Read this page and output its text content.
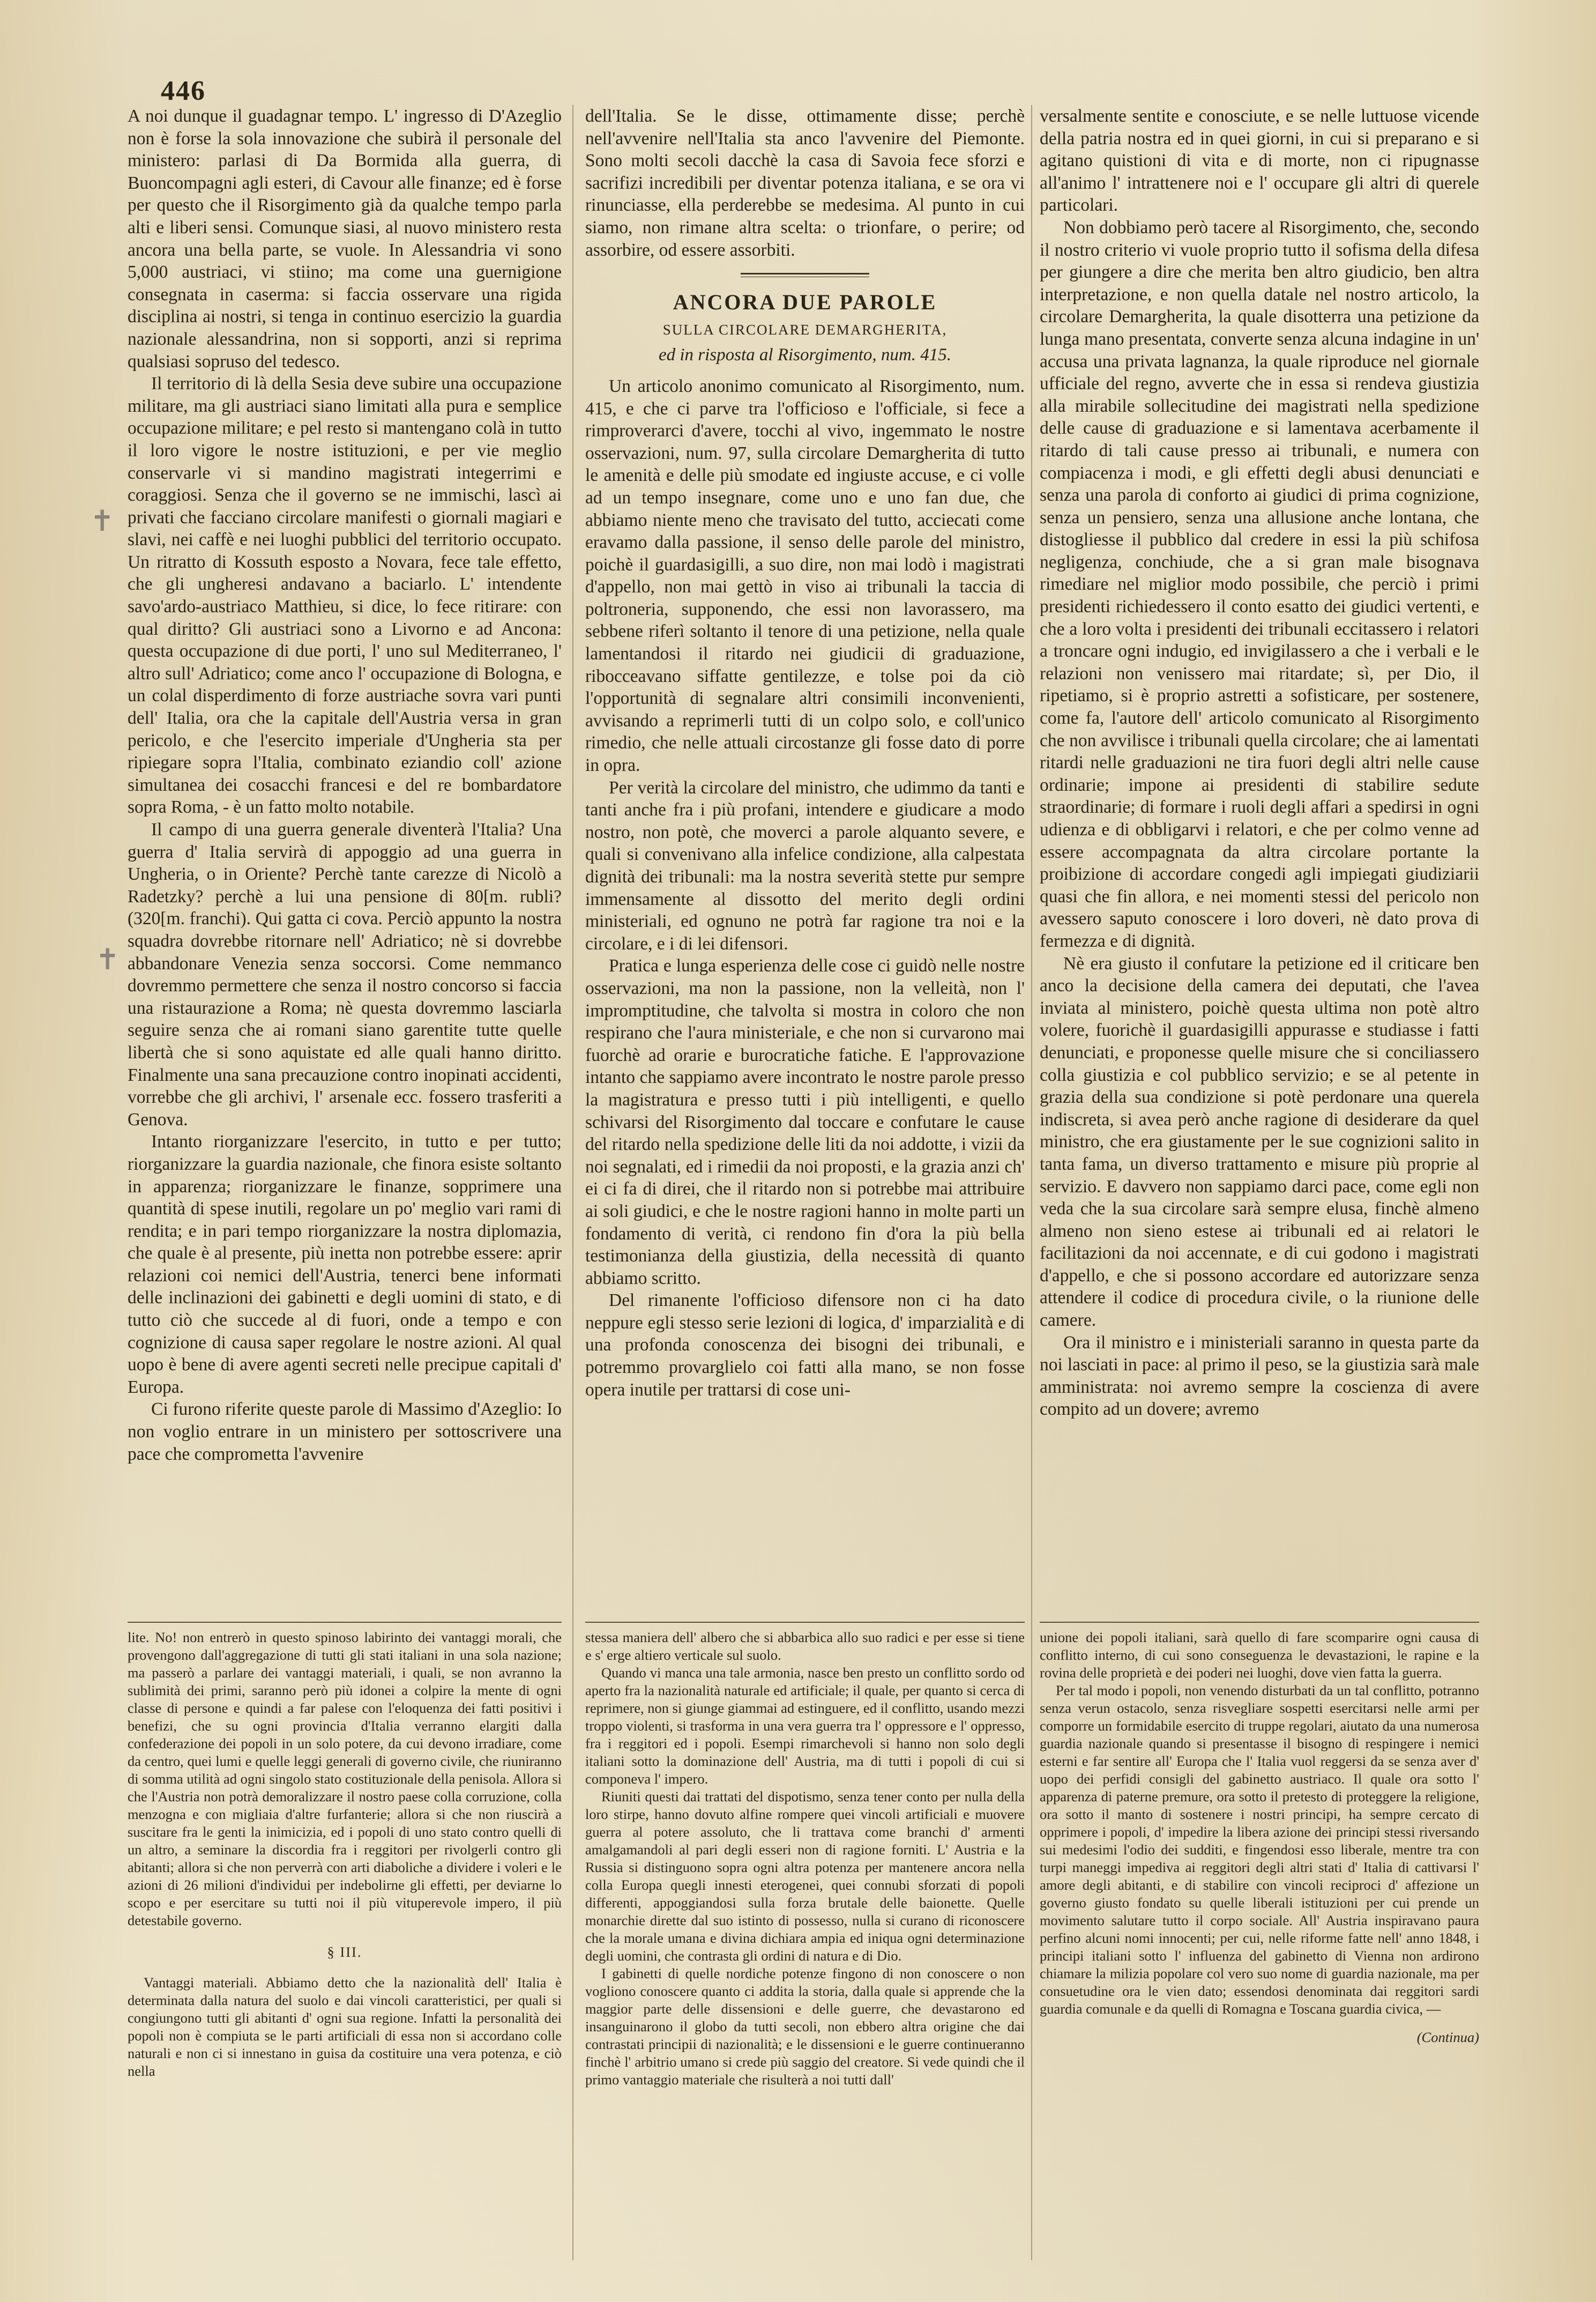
446

A noi dunque il guadagnar tempo. L' ingresso di D'Azeglio non è forse la sola innovazione che subirà il personale del ministero: parlasi di Da Bormida alla guerra, di Buoncompagni agli esteri, di Cavour alle finanze; ed è forse per questo che il Risorgimento già da qualche tempo parla alti e liberi sensi. Comunque siasi, al nuovo ministero resta ancora una bella parte, se vuole. In Alessandria vi sono 5,000 austriaci, vi stiino; ma come una guernigione consegnata in caserma: si faccia osservare una rigida disciplina ai nostri, si tenga in continuo esercizio la guardia nazionale alessandrina, non si sopporti, anzi si reprima qualsiasi sopruso del tedesco.

Il territorio di là della Sesia deve subire una occupazione militare, ma gli austriaci siano limitati alla pura e semplice occupazione militare; e pel resto si mantengano colà in tutto il loro vigore le nostre istituzioni, e per vie meglio conservarle vi si mandino magistrati integerrimi e coraggiosi. Senza che il governo se ne immischi, lascì ai privati che facciano circolare manifesti o giornali magiari e slavi, nei caffè e nei luoghi pubblici del territorio occupato. Un ritratto di Kossuth esposto a Novara, fece tale effetto, che gli ungheresi andavano a baciarlo. L' intendente savo'ardo-austriaco Matthieu, si dice, lo fece ritirare: con qual diritto? Gli austriaci sono a Livorno e ad Ancona: questa occupazione di due porti, l' uno sul Mediterraneo, l' altro sull' Adriatico; come anco l' occupazione di Bologna, e un colal disperdimento di forze austriache sovra vari punti dell' Italia, ora che la capitale dell'Austria versa in gran pericolo, e che l'esercito imperiale d'Ungheria sta per ripiegare sopra l'Italia, combinato eziandio coll' azione simultanea dei cosacchi francesi e del re bombardatore sopra Roma, - è un fatto molto notabile.

Il campo di una guerra generale diventerà l'Italia? Una guerra d' Italia servirà di appoggio ad una guerra in Ungheria, o in Oriente? Perchè tante carezze di Nicolò a Radetzky? perchè a lui una pensione di 80[m. rubli? (320[m. franchi). Qui gatta ci cova. Perciò appunto la nostra squadra dovrebbe ritornare nell' Adriatico; nè si dovrebbe abbandonare Venezia senza soccorsi. Come nemmanco dovremmo permettere che senza il nostro concorso si faccia una ristaurazione a Roma; nè questa dovremmo lasciarla seguire senza che ai romani siano garentite tutte quelle libertà che si sono aquistate ed alle quali hanno diritto. Finalmente una sana precauzione contro inopinati accidenti, vorrebbe che gli archivi, l' arsenale ecc. fossero trasferiti a Genova.

Intanto riorganizzare l'esercito, in tutto e per tutto; riorganizzare la guardia nazionale, che finora esiste soltanto in apparenza; riorganizzare le finanze, sopprimere una quantità di spese inutili, regolare un po' meglio vari rami di rendita; e in pari tempo riorganizzare la nostra diplomazia, che quale è al presente, più inetta non potrebbe essere: aprir relazioni coi nemici dell'Austria, tenerci bene informati delle inclinazioni dei gabinetti e degli uomini di stato, e di tutto ciò che succede al di fuori, onde a tempo e con cognizione di causa saper regolare le nostre azioni. Al qual uopo è bene di avere agenti secreti nelle precipue capitali d' Europa.

Ci furono riferite queste parole di Massimo d'Azeglio: Io non voglio entrare in un ministero per sottoscrivere una pace che comprometta l'avvenire

dell'Italia. Se le disse, ottimamente disse; perchè nell'avvenire nell'Italia sta anco l'avvenire del Piemonte. Sono molti secoli dacchè la casa di Savoia fece sforzi e sacrifizi incredibili per diventar potenza italiana, e se ora vi rinunciasse, ella perderebbe se medesima. Al punto in cui siamo, non rimane altra scelta: o trionfare, o perire; od assorbire, od essere assorbiti.

ANCORA DUE PAROLE
SULLA CIRCOLARE DEMARGHERITA,
ed in risposta al Risorgimento, num. 415.

Un articolo anonimo comunicato al Risorgimento, num. 415, e che ci parve tra l'officioso e l'officiale, si fece a rimproverarci d'avere, tocchi al vivo, ingemmato le nostre osservazioni, num. 97, sulla circolare Demargherita di tutto le amenità e delle più smodate ed ingiuste accuse, e ci volle ad un tempo insegnare, come uno e uno fan due, che abbiamo niente meno che travisato del tutto, acciecati come eravamo dalla passione, il senso delle parole del ministro, poichè il guardasigilli, a suo dire, non mai lodò i magistrati d'appello, non mai gettò in viso ai tribunali la taccia di poltroneria, supponendo, che essi non lavorassero, ma sebbene riferì soltanto il tenore di una petizione, nella quale lamentandosi il ritardo nei giudicii di graduazione, ribocceavano siffatte gentilezze, e tolse poi da ciò l'opportunità di segnalare altri consimili inconvenienti, avvisando a reprimerli tutti di un colpo solo, e coll'unico rimedio, che nelle attuali circostanze gli fosse dato di porre in opra.

Per verità la circolare del ministro, che udimmo da tanti e tanti anche fra i più profani, intendere e giudicare a modo nostro, non potè, che moverci a parole alquanto severe, e quali si convenivano alla infelice condizione, alla calpestata dignità dei tribunali: ma la nostra severità stette pur sempre immensamente al dissotto del merito degli ordini ministeriali, ed ognuno ne potrà far ragione tra noi e la circolare, e i di lei difensori.

Pratica e lunga esperienza delle cose ci guidò nelle nostre osservazioni, ma non la passione, non la velleità, non l' impromptitudine, che talvolta si mostra in coloro che non respirano che l'aura ministeriale, e che non si curvarono mai fuorchè ad orarie e burocratiche fatiche. E l'approvazione intanto che sappiamo avere incontrato le nostre parole presso la magistratura e presso tutti i più intelligenti, e quello schivarsi del Risorgimento dal toccare e confutare le cause del ritardo nella spedizione delle liti da noi addotte, i vizii da noi segnalati, ed i rimedii da noi proposti, e la grazia anzi ch' ei ci fa di direi, che il ritardo non si potrebbe mai attribuire ai soli giudici, e che le nostre ragioni hanno in molte parti un fondamento di verità, ci rendono fin d'ora la più bella testimonianza della giustizia, della necessità di quanto abbiamo scritto.

Del rimanente l'officioso difensore non ci ha dato neppure egli stesso serie lezioni di logica, d' imparzialità e di una profonda conoscenza dei bisogni dei tribunali, e potremmo provarglielo coi fatti alla mano, se non fosse opera inutile per trattarsi di cose uni-

versalmente sentite e conosciute, e se nelle luttuose vicende della patria nostra ed in quei giorni, in cui si preparano e si agitano quistioni di vita e di morte, non ci ripugnasse all'animo l' intrattenere noi e l' occupare gli altri di querele particolari.

Non dobbiamo però tacere al Risorgimento, che, secondo il nostro criterio vi vuole proprio tutto il sofisma della difesa per giungere a dire che merita ben altro giudicio, ben altra interpretazione, e non quella datale nel nostro articolo, la circolare Demargherita, la quale disotterra una petizione da lunga mano presentata, converte senza alcuna indagine in un' accusa una privata lagnanza, la quale riproduce nel giornale ufficiale del regno, avverte che in essa si rendeva giustizia alla mirabile sollecitudine dei magistrati nella spedizione delle cause di graduazione e si lamentava acerbamente il ritardo di tali cause presso ai tribunali, e numera con compiacenza i modi, e gli effetti degli abusi denunciati e senza una parola di conforto ai giudici di prima cognizione, senza un pensiero, senza una allusione anche lontana, che distogliesse il pubblico dal credere in essi la più schifosa negligenza, conchiude, che a si gran male bisognava rimediare nel miglior modo possibile, che perciò i primi presidenti richiedessero il conto esatto dei giudici vertenti, e che a loro volta i presidenti dei tribunali eccitassero i relatori a troncare ogni indugio, ed invigilassero a che i verbali e le relazioni non venissero mai ritardate; sì, per Dio, il ripetiamo, si è proprio astretti a sofisticare, per sostenere, come fa, l'autore dell' articolo comunicato al Risorgimento che non avvilisce i tribunali quella circolare; che ai lamentati ritardi nelle graduazioni ne tira fuori degli altri nelle cause ordinarie; impone ai presidenti di stabilire sedute straordinarie; di formare i ruoli degli affari a spedirsi in ogni udienza e di obbligarvi i relatori, e che per colmo venne ad essere accompagnata da altra circolare portante la proibizione di accordare congedi agli impiegati giudiziarii quasi che fin allora, e nei momenti stessi del pericolo non avessero saputo conoscere i loro doveri, nè dato prova di fermezza e di dignità.

Nè era giusto il confutare la petizione ed il criticare ben anco la decisione della camera dei deputati, che l'avea inviata al ministero, poichè questa ultima non potè altro volere, fuorichè il guardasigilli appurasse e studiasse i fatti denunciati, e proponesse quelle misure che si conciliassero colla giustizia e col pubblico servizio; e se al petente in grazia della sua condizione si potè perdonare una querela indiscreta, si avea però anche ragione di desiderare da quel ministro, che era giustamente per le sue cognizioni salito in tanta fama, un diverso trattamento e misure più proprie al servizio. E davvero non sappiamo darci pace, come egli non veda che la sua circolare sarà sempre elusa, finchè almeno almeno non sieno estese ai tribunali ed ai relatori le facilitazioni da noi accennate, e di cui godono i magistrati d'appello, e che si possono accordare ed autorizzare senza attendere il codice di procedura civile, o la riunione delle camere.

Ora il ministro e i ministeriali saranno in questa parte da noi lasciati in pace: al primo il peso, se la giustizia sarà male amministrata: noi avremo sempre la coscienza di avere compito ad un dovere; avremo

lite. No! non entrerò in questo spinoso labirinto dei vantaggi morali, che provengono dall'aggregazione di tutti gli stati italiani in una sola nazione; ma passerò a parlare dei vantaggi materiali, i quali, se non avranno la sublimità dei primi, saranno però più idonei a colpire la mente di ogni classe di persone e quindi a far palese con l'eloquenza dei fatti positivi i benefizi, che su ogni provincia d'Italia verranno elargiti dalla confederazione dei popoli in un solo potere, da cui devono irradiare, come da centro, quei lumi e quelle leggi generali di governo civile, che riuniranno di somma utilità ad ogni singolo stato costituzionale della penisola. Allora si che l'Austria non potrà demoralizzare il nostro paese colla corruzione, colla menzogna e con migliaia d'altre furfanterie; allora si che non riuscirà a suscitare fra le genti la inimicizia, ed i popoli di uno stato contro quelli di un altro, a seminare la discordia fra i reggitori per rivolgerli contro gli abitanti; allora si che non perverrà con arti diaboliche a dividere i voleri e le azioni di 26 milioni d'individui per indebolirne gli effetti, per deviarne lo scopo e per esercitare su tutti noi il più vituperevole impero, il più detestabile governo.

§ III.

Vantaggi materiali. Abbiamo detto che la nazionalità dell' Italia è determinata dalla natura del suolo e dai vincoli caratteristici, per quali si congiungono tutti gli abitanti d' ogni sua regione. Infatti la personalità dei popoli non è compiuta se le parti artificiali di essa non si accordano colle naturali e non ci si innestano in guisa da costituire una vera potenza, e ciò nella

stessa maniera dell' albero che si abbarbica allo suo radici e per esse si tiene e s' erge altiero verticale sul suolo.

Quando vi manca una tale armonia, nasce ben presto un conflitto sordo od aperto fra la nazionalità naturale ed artificiale; il quale, per quanto si cerca di reprimere, non si giunge giammai ad estinguere, ed il conflitto, usando mezzi troppo violenti, si trasforma in una vera guerra tra l' oppressore e l' oppresso, fra i reggitori ed i popoli. Esempi rimarchevoli si hanno non solo degli italiani sotto la dominazione dell' Austria, ma di tutti i popoli di cui si componeva l' impero.

Riuniti questi dai trattati del dispotismo, senza tener conto per nulla della loro stirpe, hanno dovuto alfine rompere quei vincoli artificiali e muovere guerra al potere assoluto, che li trattava come branchi d' armenti amalgamandoli al pari degli esseri non di ragione forniti. L' Austria e la Russia si distinguono sopra ogni altra potenza per mantenere ancora nella colla Europa quegli innesti eterogenei, quei connubi sforzati di popoli differenti, appoggiandosi sulla forza brutale delle baionette. Quelle monarchie dirette dal suo istinto di possesso, nulla si curano di riconoscere che la morale umana e divina dichiara ampia ed iniqua ogni determinazione degli uomini, che contrasta gli ordini di natura e di Dio.

I gabinetti di quelle nordiche potenze fingono di non conoscere o non vogliono conoscere quanto ci addita la storia, dalla quale si apprende che la maggior parte delle dissensioni e delle guerre, che devastarono ed insanguinarono il globo da tutti secoli, non ebbero altra origine che dai contrastati principii di nazionalità; e le dissensioni e le guerre continueranno finchè l' arbitrio umano si crede più saggio del creatore. Si vede quindi che il primo vantaggio materiale che risulterà a noi tutti dall'

unione dei popoli italiani, sarà quello di fare scomparire ogni causa di conflitto interno, di cui sono conseguenza le devastazioni, le rapine e la rovina delle proprietà e dei poderi nei luoghi, dove vien fatta la guerra.

Per tal modo i popoli, non venendo disturbati da un tal conflitto, potranno senza verun ostacolo, senza risvegliare sospetti esercitarsi nelle armi per comporre un formidabile esercito di truppe regolari, aiutato da una numerosa guardia nazionale quando si presentasse il bisogno di respingere i nemici esterni e far sentire all' Europa che l' Italia vuol reggersi da se senza aver d' uopo dei perfidi consigli del gabinetto austriaco. Il quale ora sotto l' apparenza di paterne premure, ora sotto il pretesto di proteggere la religione, ora sotto il manto di sostenere i nostri principi, ha sempre cercato di opprimere i popoli, d' impedire la libera azione dei principi stessi riversando sui medesimi l'odio dei sudditi, e fingendosi esso liberale, mentre tra con turpi maneggi impediva ai reggitori degli altri stati d' Italia di cattivarsi l' amore degli abitanti, e di stabilire con vincoli reciproci d' affezione un governo giusto fondato su quelle liberali istituzioni per cui prende un movimento salutare tutto il corpo sociale. All' Austria inspiravano paura perfino alcuni nomi innocenti; per cui, nelle riforme fatte nell' anno 1848, i principi italiani sotto l' influenza del gabinetto di Vienna non ardirono chiamare la milizia popolare col vero suo nome di guardia nazionale, ma per consuetudine ora le vien dato; essendosi denominata dai reggitori sardi guardia comunale e da quelli di Romagna e Toscana guardia civica, —

(Continua)
✝
✝
